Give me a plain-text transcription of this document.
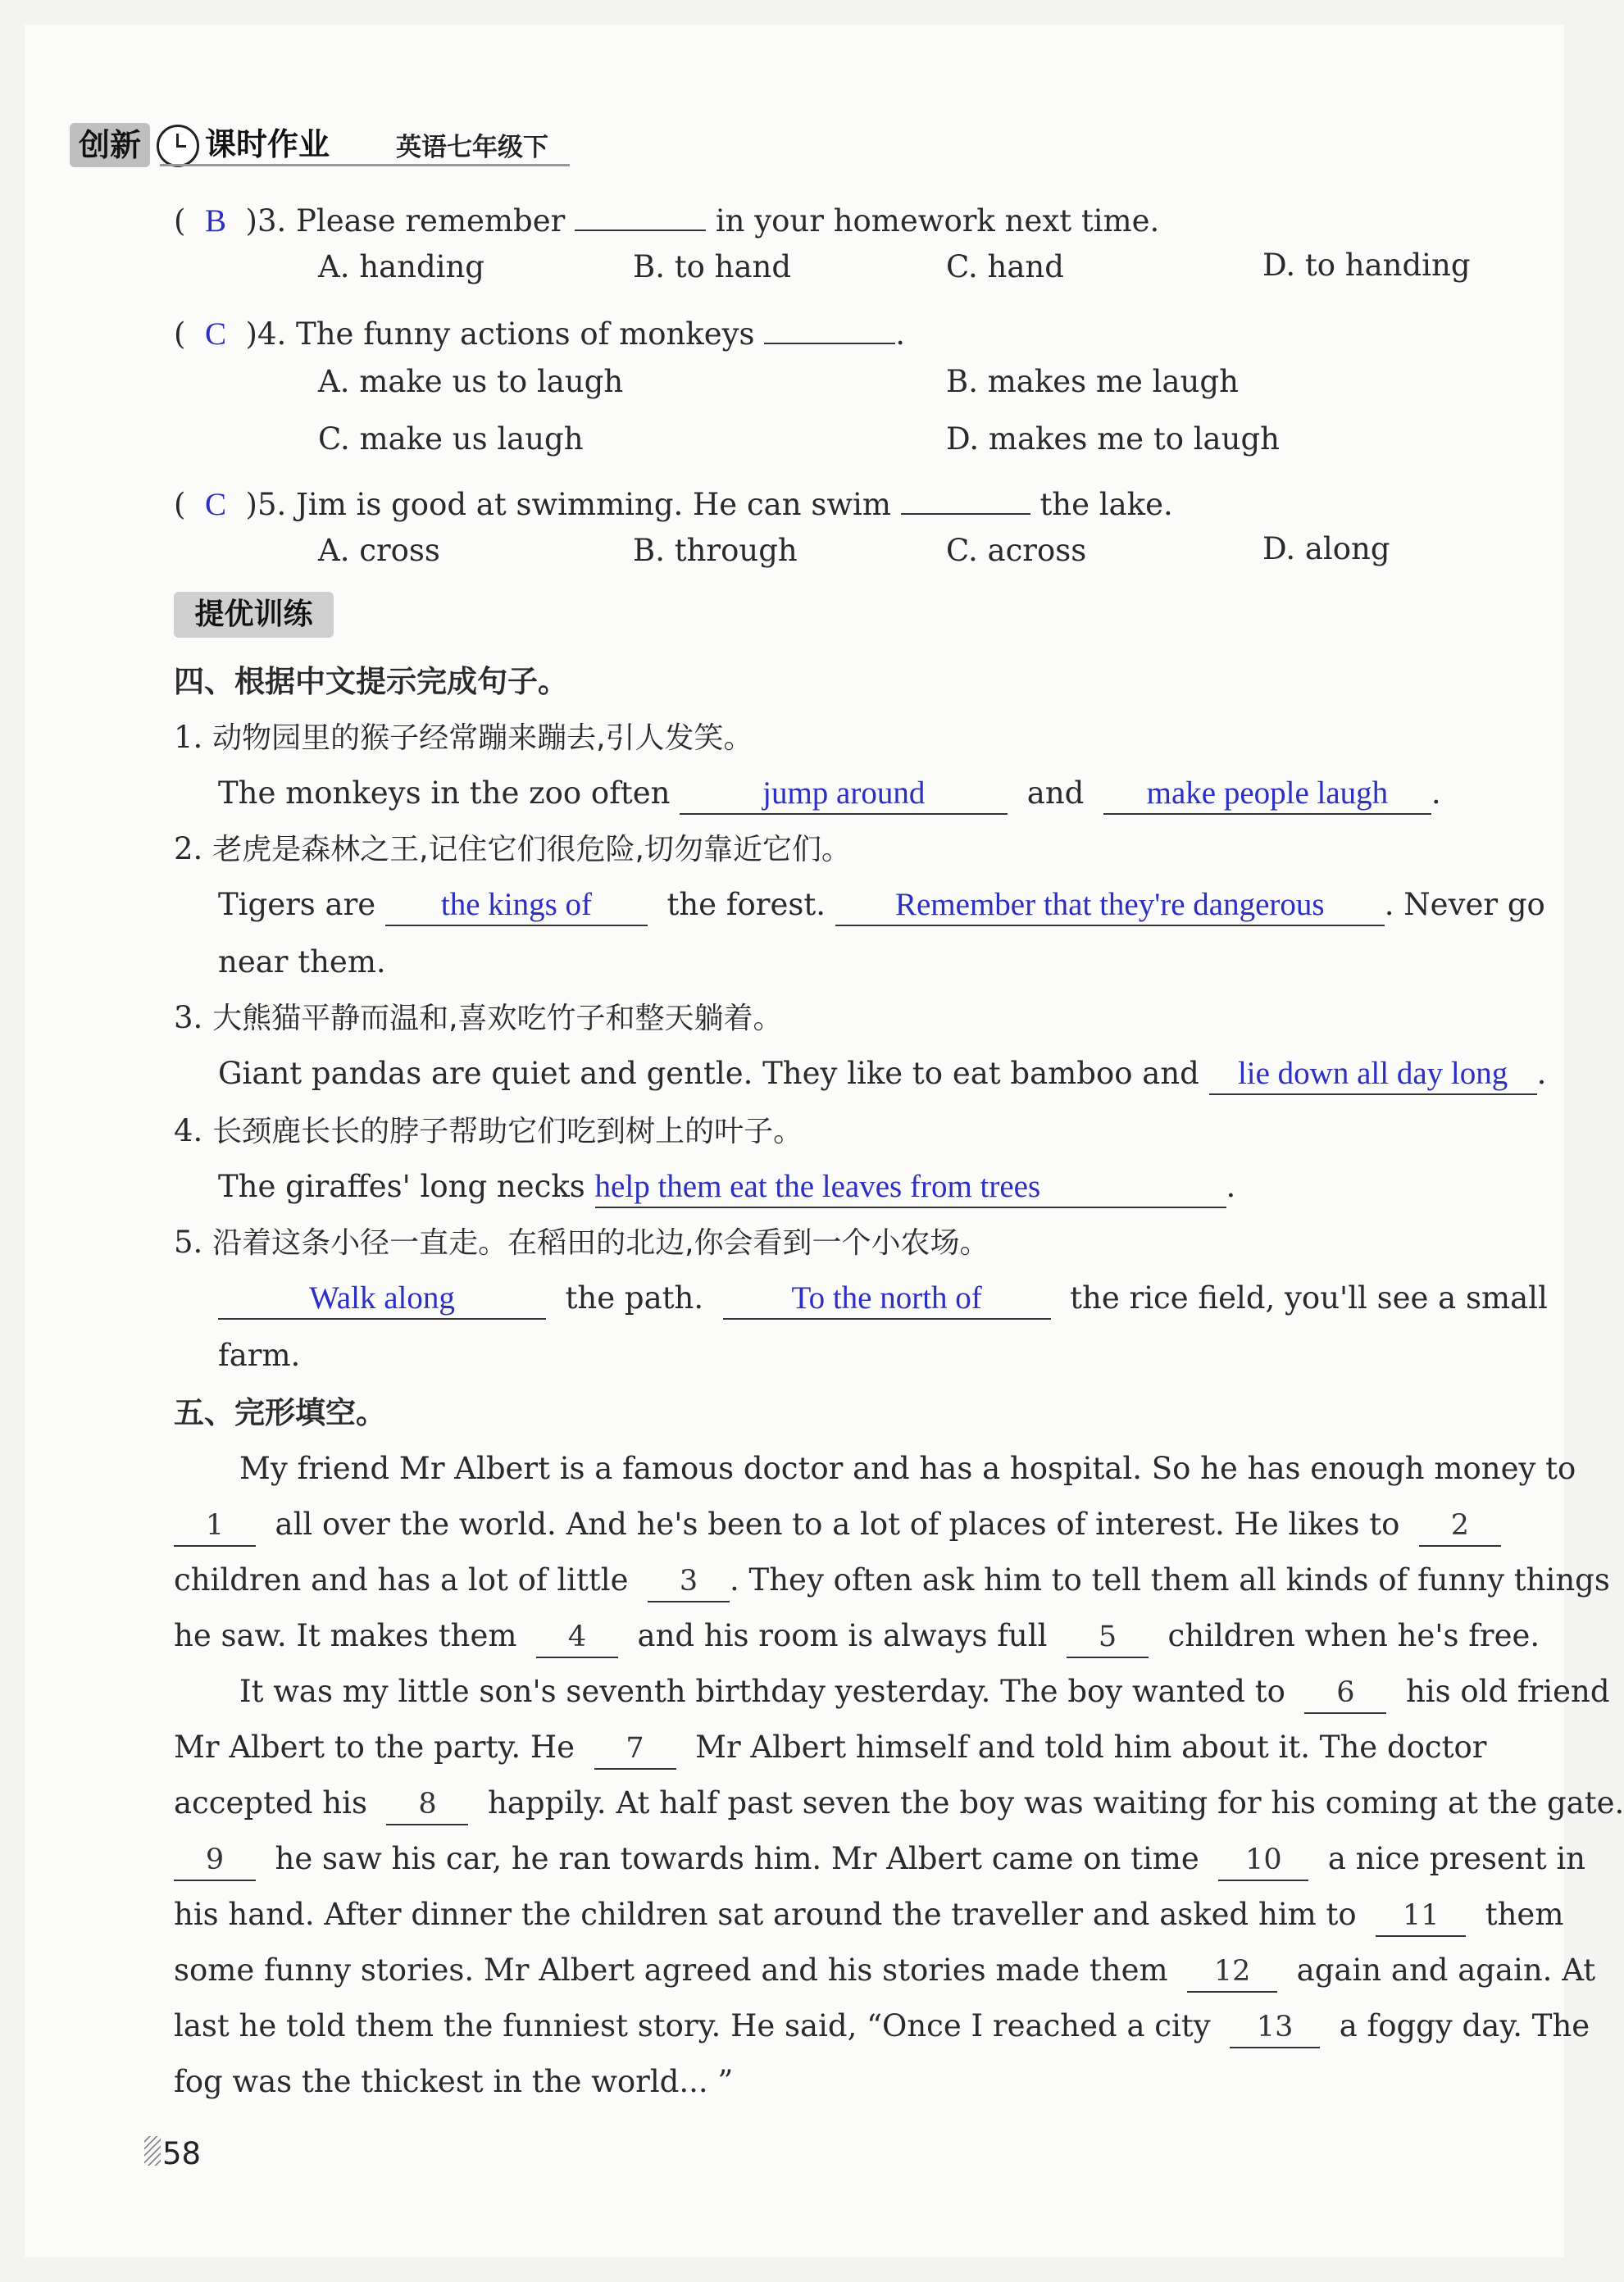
创新 课时作业	英语七年级下
(  B )3. Please remember	in your homework next time.
A. handing	B. to hand	C. hand	D. to handing
(  C )4. The funny actions of monkeys	.
A. make us to laugh	B. makes me laugh
C. make us laugh	D. makes me to laugh
(  C )5. Jim is good at swimming. He can swim	the lake.
A. cross	B. through	C. across	D. along
提优训练
四、根据中文提示完成句子。
1. 动物园里的猴子经常蹦来蹦去,引人发笑。
The monkeys in the zoo often	jump around	and make people laugh .
2. 老虎是森林之王,记住它们很危险,切勿靠近它们。
Tigers are the kings of the forest. Remember that they're dangerous . Never go
near them.
3. 大熊猫平静而温和,喜欢吃竹子和整天躺着。
Giant pandas are quiet and gentle. They like to eat bamboo and lie down all day long .
4. 长颈鹿长长的脖子帮助它们吃到树上的叶子。
The giraffes' long necks help them eat the leaves from trees	.
5. 沿着这条小径一直走。在稻田的北边,你会看到一个小农场。
Walk along	the path.	To the north of	the rice field, you'll see a small
farm.
五、完形填空。
My friend Mr Albert is a famous doctor and has a hospital. So he has enough money to
1 all over the world. And he's been to a lot of places of interest. He likes to 2
children and has a lot of little 3 . They often ask him to tell them all kinds of funny things
he saw. It makes them 4 and his room is always full 5 children when he's free.
It was my little son's seventh birthday yesterday. The boy wanted to 6 his old friend
Mr Albert to the party. He 7 Mr Albert himself and told him about it. The doctor
accepted his 8 happily. At half past seven the boy was waiting for his coming at the gate.
9 he saw his car, he ran towards him. Mr Albert came on time 10 a nice present in
his hand. After dinner the children sat around the traveller and asked him to 11 them
some funny stories. Mr Albert agreed and his stories made them 12 again and again. At
last he told them the funniest story. He said, “Once I reached a city 13 a foggy day. The
fog was the thickest in the world... ”
58
